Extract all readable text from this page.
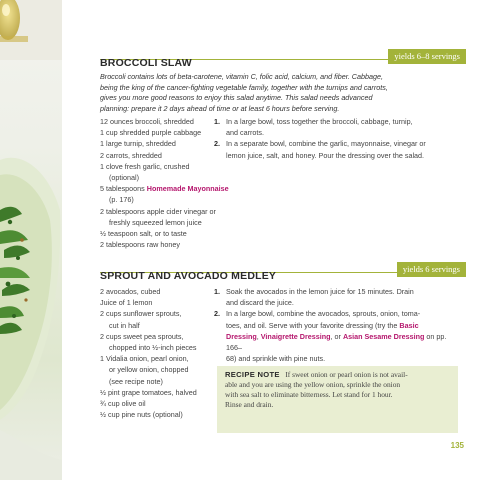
yields 6–8 servings
BROCCOLI SLAW
Broccoli contains lots of beta-carotene, vitamin C, folic acid, calcium, and fiber. Cabbage,
being the king of the cancer-fighting vegetable family, together with the turnips and carrots,
gives you more good reasons to enjoy this salad anytime. This salad needs advanced
planning: prepare it 2 days ahead of time or at least 6 hours before serving.
12 ounces broccoli, shredded
1 cup shredded purple cabbage
1 large turnip, shredded
2 carrots, shredded
1 clove fresh garlic, crushed
(optional)
5 tablespoons Homemade Mayonnaise
(p. 176)
2 tablespoons apple cider vinegar or
freshly squeezed lemon juice
½ teaspoon salt, or to taste
2 tablespoons raw honey
1. In a large bowl, toss together the broccoli, cabbage, turnip,
and carrots.
2. In a separate bowl, combine the garlic, mayonnaise, vinegar or
lemon juice, salt, and honey. Pour the dressing over the salad.
yields 6 servings
SPROUT AND AVOCADO MEDLEY
2 avocados, cubed
Juice of 1 lemon
2 cups sunflower sprouts,
cut in half
2 cups sweet pea sprouts,
chopped into ½-inch pieces
1 Vidalia onion, pearl onion,
or yellow onion, chopped
(see recipe note)
½ pint grape tomatoes, halved
¾ cup olive oil
½ cup pine nuts (optional)
1. Soak the avocados in the lemon juice for 15 minutes. Drain
and discard the juice.
2. In a large bowl, combine the avocados, sprouts, onion, toma-
toes, and oil. Serve with your favorite dressing (try the Basic
Dressing, Vinaigrette Dressing, or Asian Sesame Dressing on pp. 166–
68) and sprinkle with pine nuts.
RECIPE NOTE If sweet onion or pearl onion is not avail-
able and you are using the yellow onion, sprinkle the onion
with sea salt to eliminate bitterness. Let stand for 1 hour.
Rinse and drain.
135
